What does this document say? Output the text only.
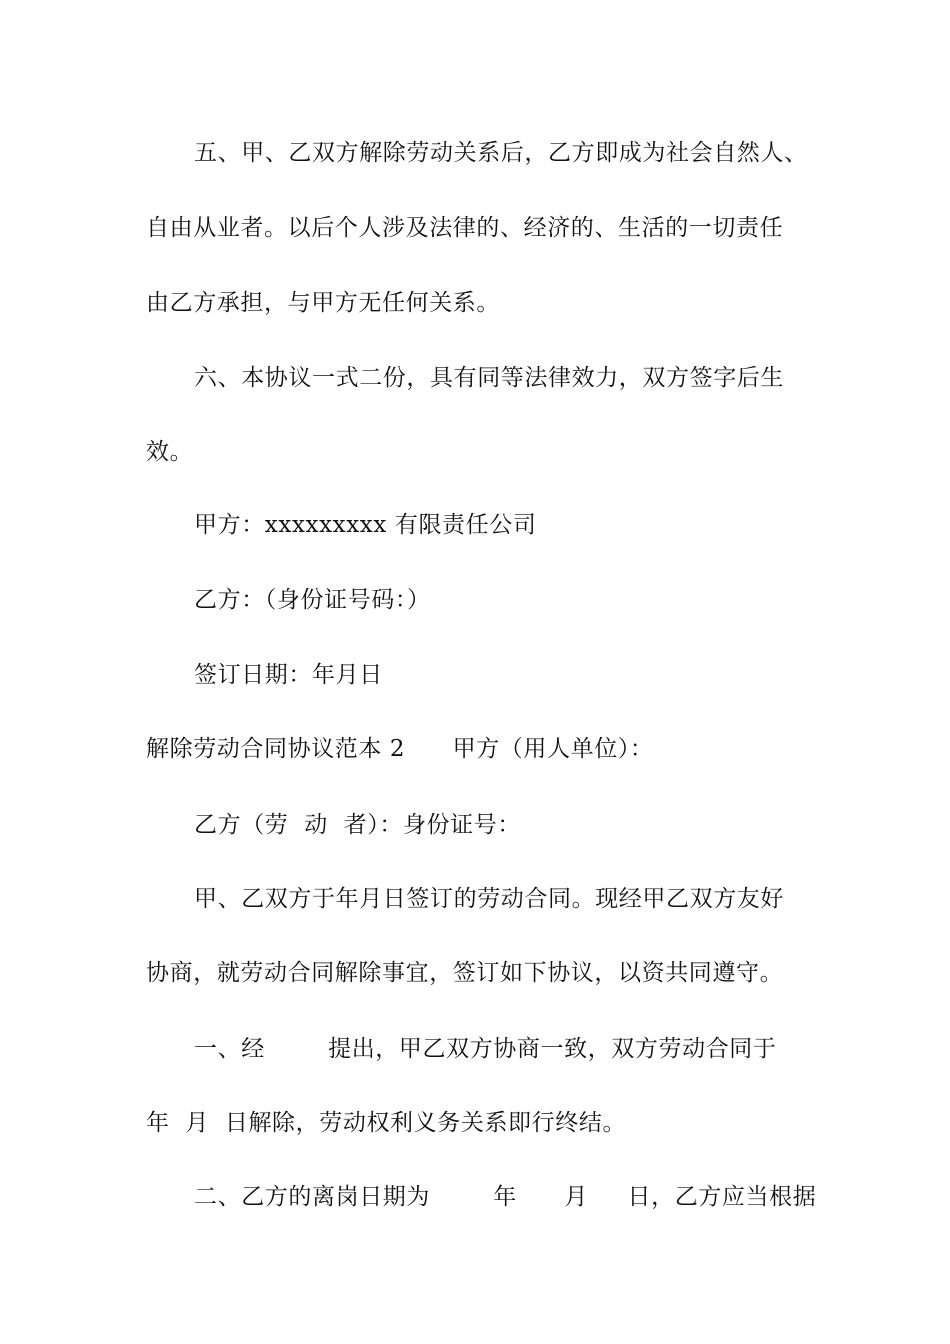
五、甲、乙双方解除劳动关系后，乙方即成为社会自然人、
自由从业者。以后个人涉及法律的、经济的、生活的一切责任
由乙方承担，与甲方无任何关系。
六、本协议一式二份，具有同等法律效力，双方签字后生
效。
甲方：xxxxxxxxx 有限责任公司
乙方：（身份证号码：）
签订日期：年月日
解除劳动合同协议范本 2      甲方（用人单位）：
乙方（劳  动  者）：身份证号：
甲、乙双方于年月日签订的劳动合同。现经甲乙双方友好
协商，就劳动合同解除事宜，签订如下协议，以资共同遵守。
一、经        提出，甲乙双方协商一致，双方劳动合同于
年  月  日解除，劳动权利义务关系即行终结。
二、乙方的离岗日期为        年      月     日，乙方应当根据
